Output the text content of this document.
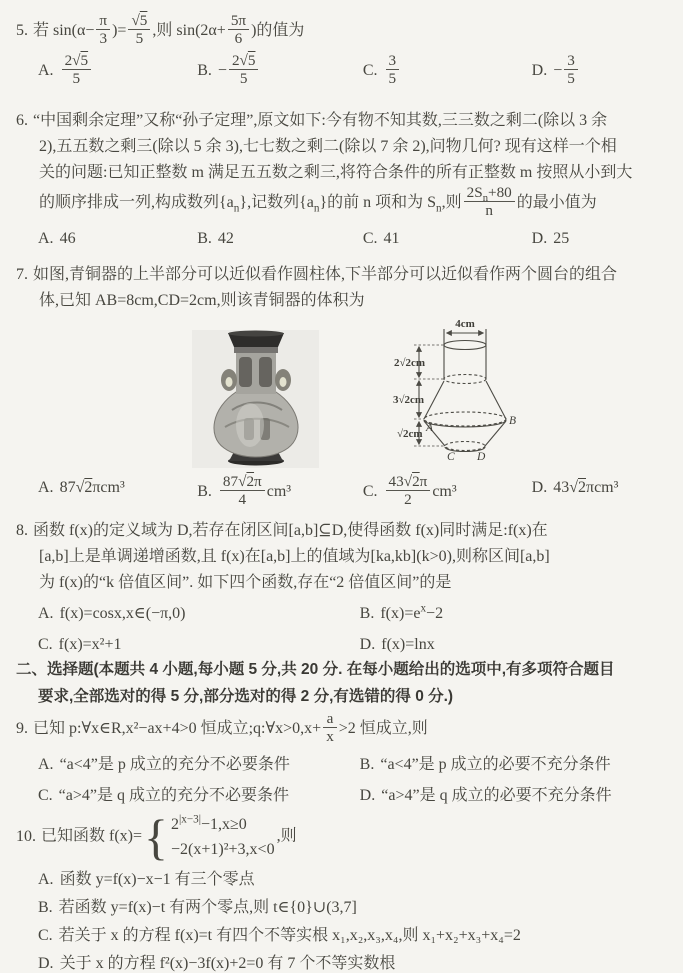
5. 若 $\sin(\alpha- \frac{\pi}{3}$ )= $\frac{√5}{5}$ ,则 $\sin(2\alpha+ \frac{5\pi}{6}$ )的值为
A. $\frac{2√5}{5}$	B. − $\frac{2√5}{5}$	C. $\frac{3}{5}$	D. − $\frac{3}{5}$
6. “中国剩余定理”又称“孙子定理”,原文如下:今有物不知其数,三三数之剩二(除以 3 余
2),五五数之剩三(除以 5 余 3),七七数之剩二(除以 7 余 2),问物几何? 现有这样一个相
关的问题:已知正整数 m 满足五五数之剩三,将符合条件的所有正整数 m 按照从小到大
的顺序排成一列,构成数列$\{a_n\}$,记数列$\{a_n\}$的前 n 项和为 $S_n$,则 $\frac{2S_n+80}{n}$ 的最小值为
A. 46	B. 42	C. 41	D. 25
7. 如图,青铜器的上半部分可以近似看作圆柱体,下半部分可以近似看作两个圆台的组合
体,已知 AB=8cm,CD=2cm,则该青铜器的体积为
4cm
2√2cm
3√2cm
√2cm A
B
C D
A. 87√2πcm³	B. $\frac{87√2\pi}{4} cm^3$	C. $\frac{43√2\pi}{2} cm^3$	D. 43√2πcm³
8. 函数 f(x)的定义域为 D,若存在闭区间[a,b]⊆D,使得函数 f(x)同时满足:f(x)在
[a,b]上是单调递增函数,且 f(x)在[a,b]上的值域为[ka,kb](k>0),则称区间[a,b]
为 f(x)的“k 倍值区间”. 如下四个函数,存在“2 倍值区间”的是
A. f(x)=cosx,x∈(−π,0)	B. $f(x)=e^x-2$
C. f(x)=x²+1	D. f(x)=lnx
二、选择题(本题共 4 小题,每小题 5 分,共 20 分. 在每小题给出的选项中,有多项符合题目
要求,全部选对的得 5 分,部分选对的得 2 分,有选错的得 0 分.)
9. 已知 p:∀x∈R,x²−ax+4>0 恒成立;q:∀x>0,x+ $\frac{a}{x} >2$ 恒成立,则
A. “a<4”是 p 成立的充分不必要条件	B. “a<4”是 p 成立的必要不充分条件
C. “a>4”是 q 成立的充分不必要条件	D. “a>4”是 q 成立的必要不充分条件
10. 已知函数 f(x)= { $2^{|x-3|}-1,x\ge 0$
−2(x+1)²+3,x<0
,则
A. 函数 y=f(x)−x−1 有三个零点
B. 若函数 y=f(x)−t 有两个零点,则 t∈{0}∪(3,7]
C. 若关于 x 的方程 f(x)=t 有四个不等实根 x₁,x₂,x₃,x₄,则 x₁+x₂+x₃+x₄=2
D. 关于 x 的方程 f²(x)−3f(x)+2=0 有 7 个不等实数根
